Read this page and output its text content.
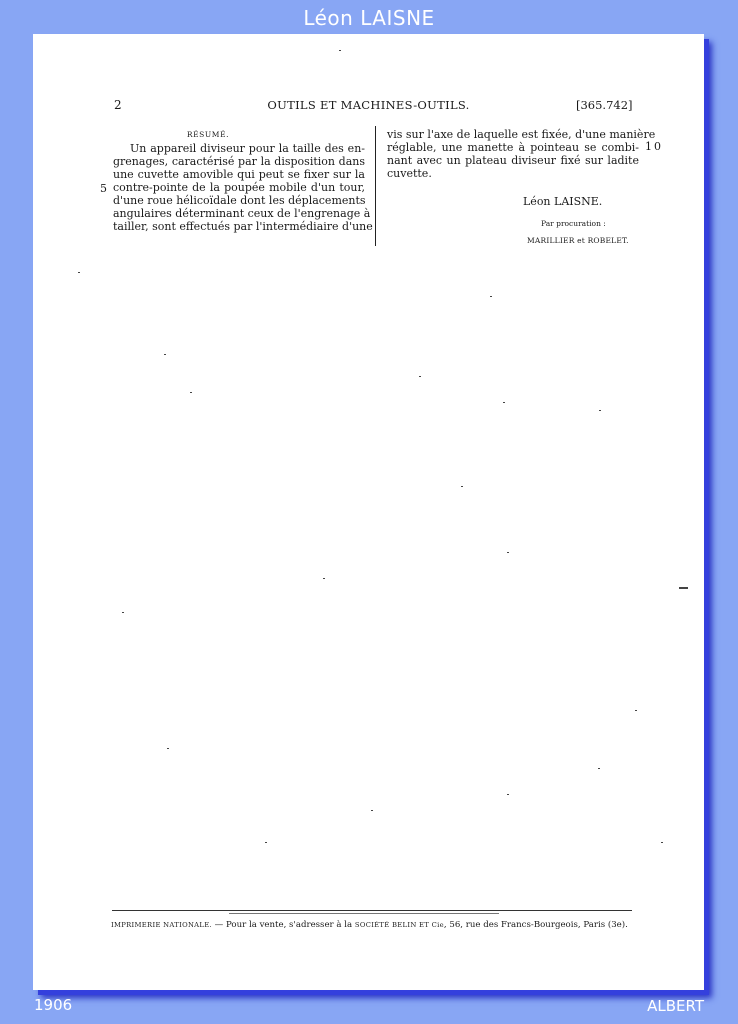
Léon LAISNE
2	OUTILS ET MACHINES-OUTILS.	[365.742]
RÉSUMÉ.
Un appareil diviseur pour la taille des en-
grenages, caractérisé par la disposition dans
une cuvette amovible qui peut se fixer sur la
contre-pointe de la poupée mobile d'un tour,
d'une roue hélicoïdale dont les déplacements
angulaires déterminant ceux de l'engrenage à
tailler, sont effectués par l'intermédiaire d'une
5
vis sur l'axe de laquelle est fixée, d'une manière
réglable, une manette à pointeau se combi-
nant avec un plateau diviseur fixé sur ladite
cuvette.
10
Léon LAISNE.
Par procuration :
MARILLIER et ROBELET.
IMPRIMERIE NATIONALE. — Pour la vente, s'adresser à la SOCIÉTÉ BELIN ET Cie, 56, rue des Francs-Bourgeois, Paris (3e).
1906	ALBERT
